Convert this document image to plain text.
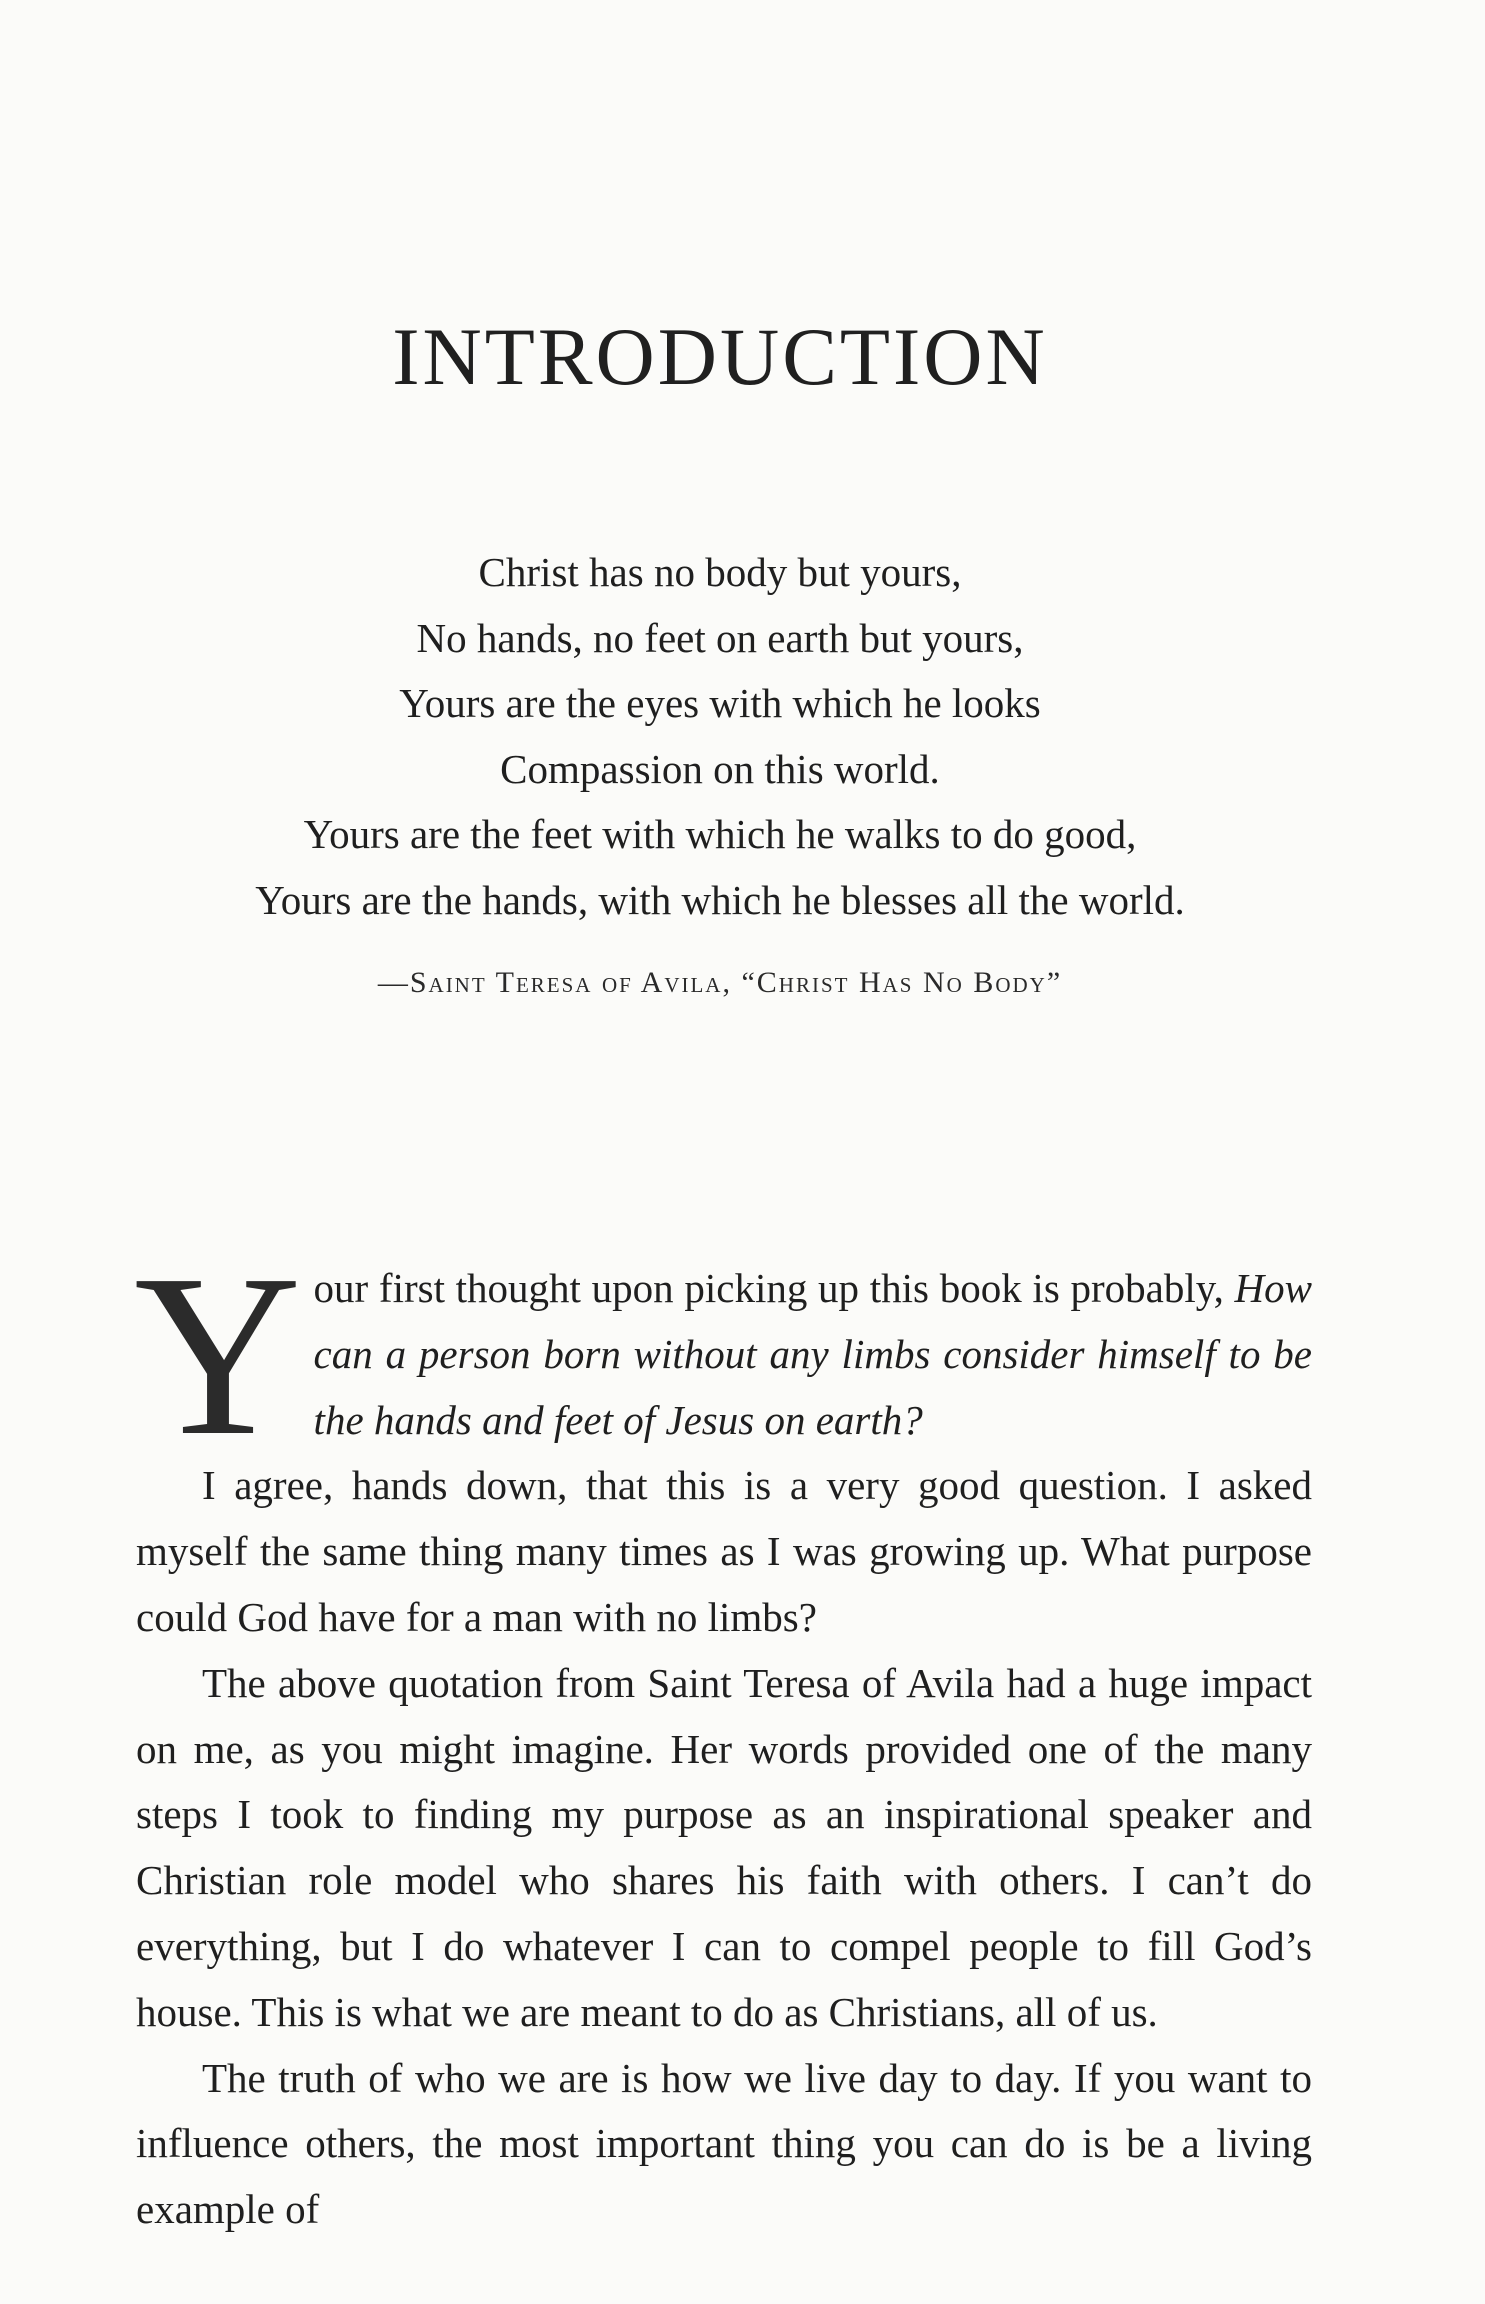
INTRODUCTION
Christ has no body but yours,
No hands, no feet on earth but yours,
Yours are the eyes with which he looks
Compassion on this world.
Yours are the feet with which he walks to do good,
Yours are the hands, with which he blesses all the world.
—Saint Teresa of Avila, “Christ Has No Body”

Your first thought upon picking up this book is probably, How can a person born without any limbs consider himself to be the hands and feet of Jesus on earth?

I agree, hands down, that this is a very good question. I asked myself the same thing many times as I was growing up. What purpose could God have for a man with no limbs?

The above quotation from Saint Teresa of Avila had a huge impact on me, as you might imagine. Her words provided one of the many steps I took to finding my purpose as an inspirational speaker and Christian role model who shares his faith with others. I can’t do everything, but I do whatever I can to compel people to fill God’s house. This is what we are meant to do as Christians, all of us.

The truth of who we are is how we live day to day. If you want to influence others, the most important thing you can do is be a living example of
